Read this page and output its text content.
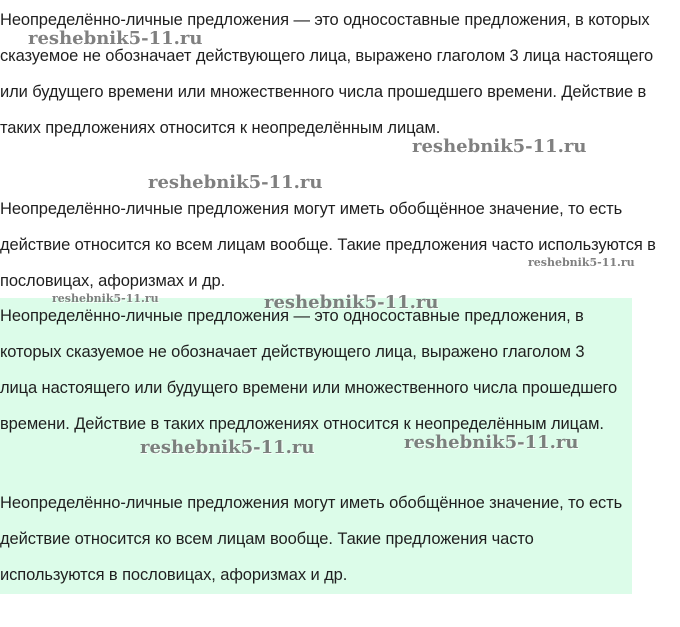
Неопределённо-личные предложения — это односоставные предложения, в которых сказуемое не обозначает действующего лица, выражено глаголом 3 лица настоящего или будущего времени или множественного числа прошедшего времени. Действие в таких предложениях относится к неопределённым лицам.

Неопределённо-личные предложения могут иметь обобщённое значение, то есть действие относится ко всем лицам вообще. Такие предложения часто используются в пословицах, афоризмах и др.

Неопределённо-личные предложения — это односоставные предложения, в которых сказуемое не обозначает действующего лица, выражено глаголом 3 лица настоящего или будущего времени или множественного числа прошедшего времени. Действие в таких предложениях относится к неопределённым лицам.

Неопределённо-личные предложения могут иметь обобщённое значение, то есть действие относится ко всем лицам вообще. Такие предложения часто используются в пословицах, афоризмах и др.

reshebnik5-11.ru
reshebnik5-11.ru
reshebnik5-11.ru
reshebnik5-11.ru
reshebnik5-11.ru	reshebnik5-11.ru
reshebnik5-11.ru	reshebnik5-11.ru
